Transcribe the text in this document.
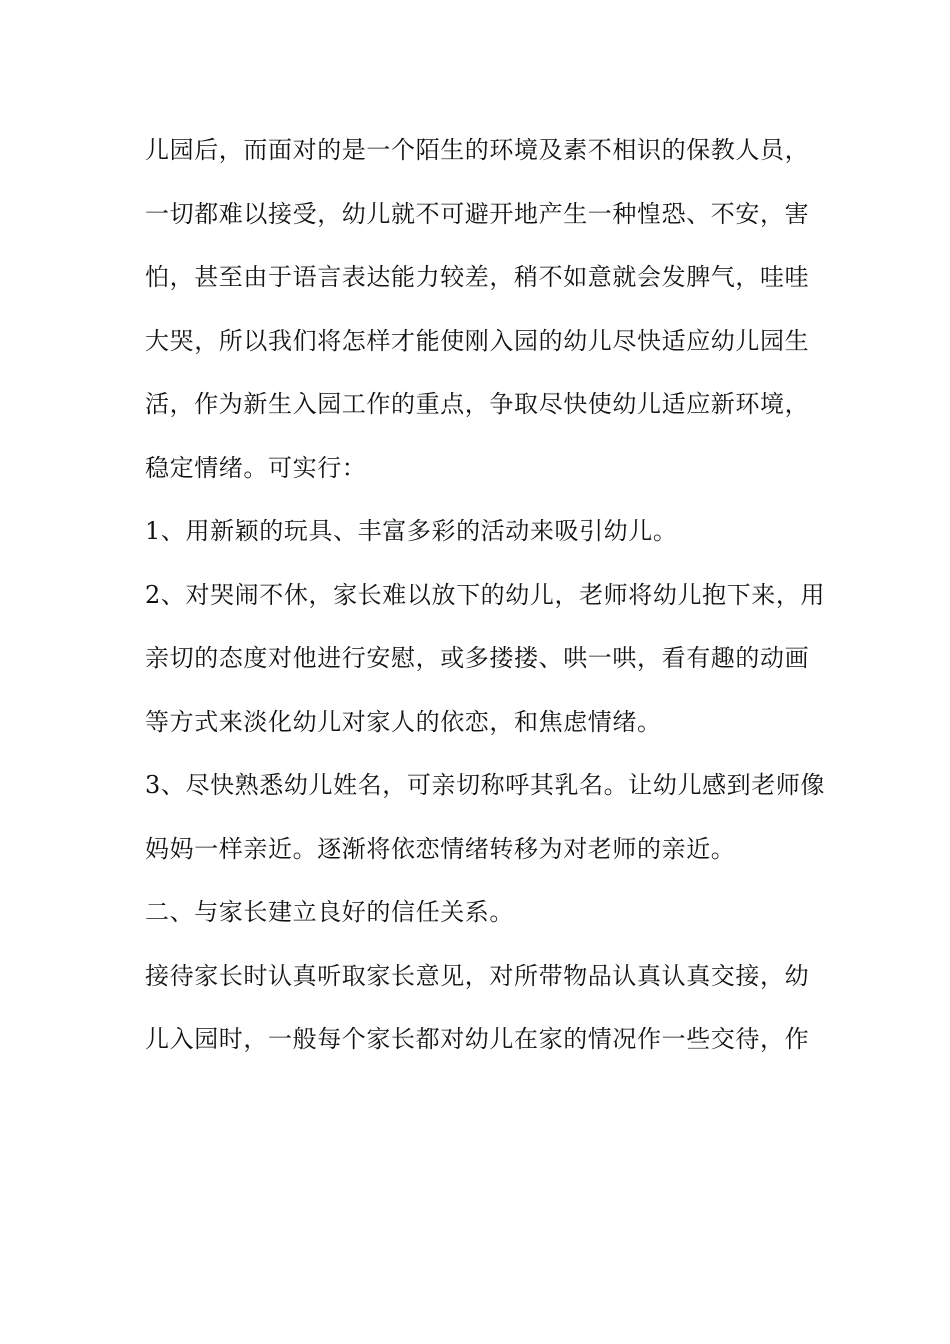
儿园后，而面对的是一个陌生的环境及素不相识的保教人员，
一切都难以接受，幼儿就不可避开地产生一种惶恐、不安，害
怕，甚至由于语言表达能力较差，稍不如意就会发脾气，哇哇
大哭，所以我们将怎样才能使刚入园的幼儿尽快适应幼儿园生
活，作为新生入园工作的重点，争取尽快使幼儿适应新环境，
稳定情绪。可实行：
1、用新颖的玩具、丰富多彩的活动来吸引幼儿。
2、对哭闹不休，家长难以放下的幼儿，老师将幼儿抱下来，用
亲切的态度对他进行安慰，或多搂搂、哄一哄，看有趣的动画
等方式来淡化幼儿对家人的依恋，和焦虑情绪。
3、尽快熟悉幼儿姓名，可亲切称呼其乳名。让幼儿感到老师像
妈妈一样亲近。逐渐将依恋情绪转移为对老师的亲近。
二、与家长建立良好的信任关系。
接待家长时认真听取家长意见，对所带物品认真认真交接，幼
儿入园时，一般每个家长都对幼儿在家的情况作一些交待，作
